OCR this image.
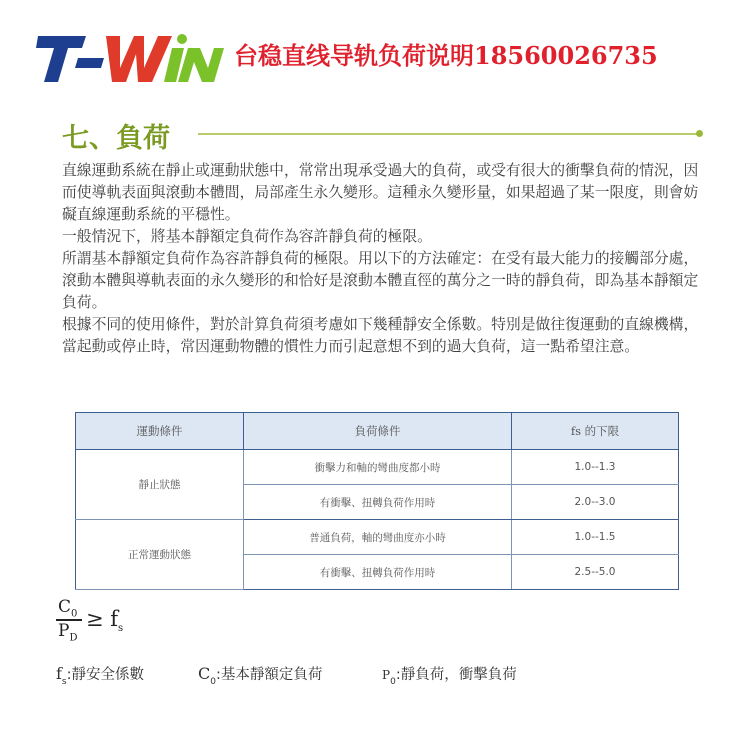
台稳直线导轨负荷说明18560026735
七、負荷

直線運動系統在靜止或運動狀態中，常常出現承受過大的負荷，或受有很大的衝擊負荷的情況，因而使導軌表面與滾動本體間，局部產生永久變形。這種永久變形量，如果超過了某一限度，則會妨礙直線運動系統的平穩性。

一般情況下，將基本靜額定負荷作為容許靜負荷的極限。

所謂基本靜額定負荷作為容許靜負荷的極限。用以下的方法確定：在受有最大能力的接觸部分處，滾動本體與導軌表面的永久變形的和恰好是滾動本體直徑的萬分之一時的靜負荷，即為基本靜額定負荷。

根據不同的使用條件，對於計算負荷須考慮如下幾種靜安全係數。特別是做往復運動的直線機構，當起動或停止時，常因運動物體的慣性力而引起意想不到的過大負荷，這一點希望注意。

運動條件	負荷條件	fs 的下限
靜止狀態	衝擊力和軸的彎曲度都小時	1.0--1.3
	有衝擊、扭轉負荷作用時	2.0--3.0
正常運動狀態	普通負荷，軸的彎曲度亦小時	1.0--1.5
	有衝擊、扭轉負荷作用時	2.5--5.0
$C_0$
$P_D$
≥ $f_s$
$f_s$:靜安全係數	$C_0$:基本靜額定負荷	$P_0$:靜負荷，衝擊負荷
